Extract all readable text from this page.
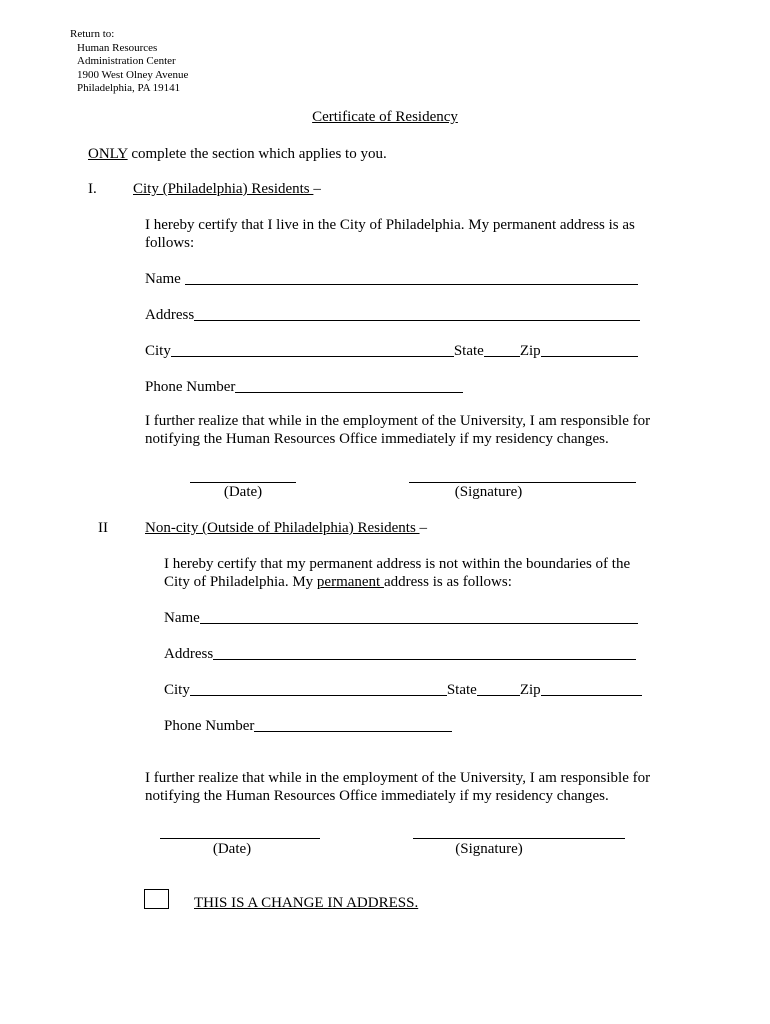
Return to:
Human Resources
Administration Center
1900 West Olney Avenue
Philadelphia, PA 19141
Certificate of Residency
ONLY complete the section which applies to you.
I. City (Philadelphia) Residents –
I hereby certify that I live in the City of Philadelphia. My permanent address is as follows:
Name
Address
City	State Zip
Phone Number
I further realize that while in the employment of the University, I am responsible for notifying the Human Resources Office immediately if my residency changes.
(Date)	(Signature)
II Non-city (Outside of Philadelphia) Residents –
I hereby certify that my permanent address is not within the boundaries of the City of Philadelphia. My permanent address is as follows:
Name
Address
City	State	Zip
Phone Number
I further realize that while in the employment of the University, I am responsible for notifying the Human Resources Office immediately if my residency changes.
(Date)	(Signature)
THIS IS A CHANGE IN ADDRESS.
